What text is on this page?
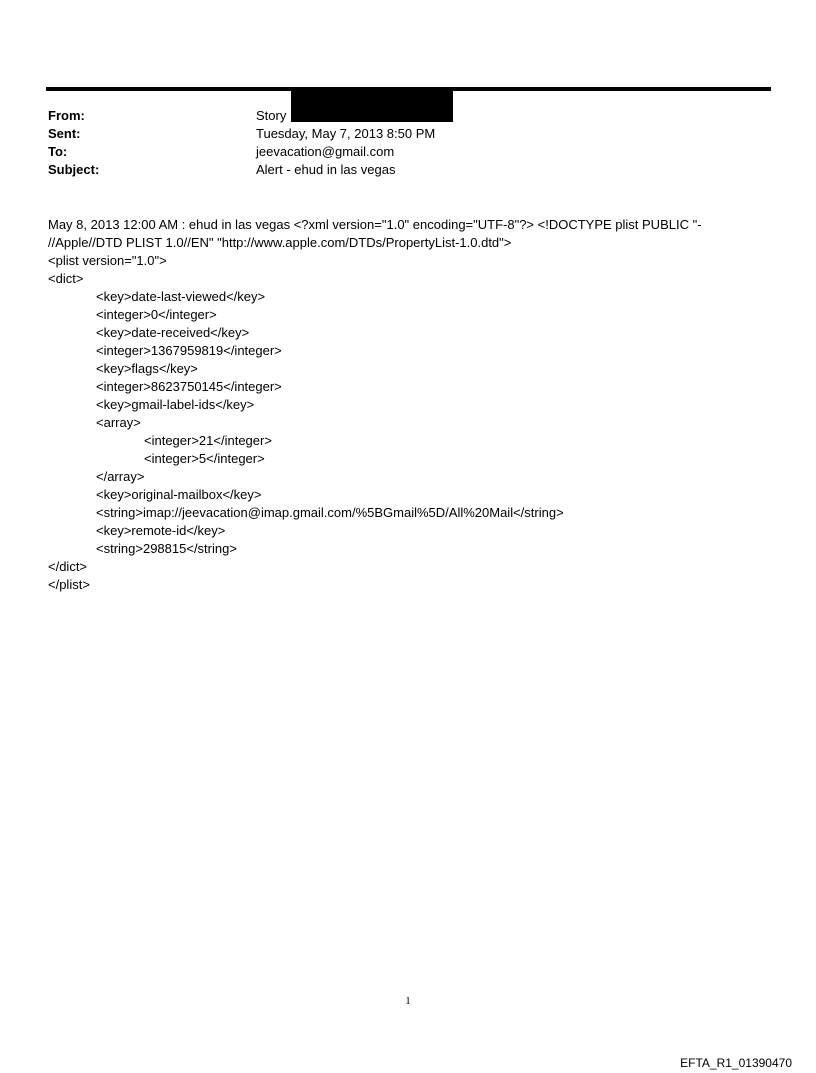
From:	Story
Sent:	Tuesday, May 7, 2013 8:50 PM
To:	jeevacation@gmail.com
Subject:	Alert - ehud in las vegas
May 8, 2013 12:00 AM : ehud in las vegas <?xml version="1.0" encoding="UTF-8"?> <!DOCTYPE plist PUBLIC "-
//Apple//DTD PLIST 1.0//EN" "http://www.apple.com/DTDs/PropertyList-1.0.dtd">
<plist version="1.0">
<dict>
<key>date-last-viewed</key>
<integer>0</integer>
<key>date-received</key>
<integer>1367959819</integer>
<key>flags</key>
<integer>8623750145</integer>
<key>gmail-label-ids</key>
<array>
<integer>21</integer>
<integer>5</integer>
</array>
<key>original-mailbox</key>
<string>imap://jeevacation@imap.gmail.com/%5BGmail%5D/All%20Mail</string>
<key>remote-id</key>
<string>298815</string>
</dict>
</plist>
1
EFTA_R1_01390470
